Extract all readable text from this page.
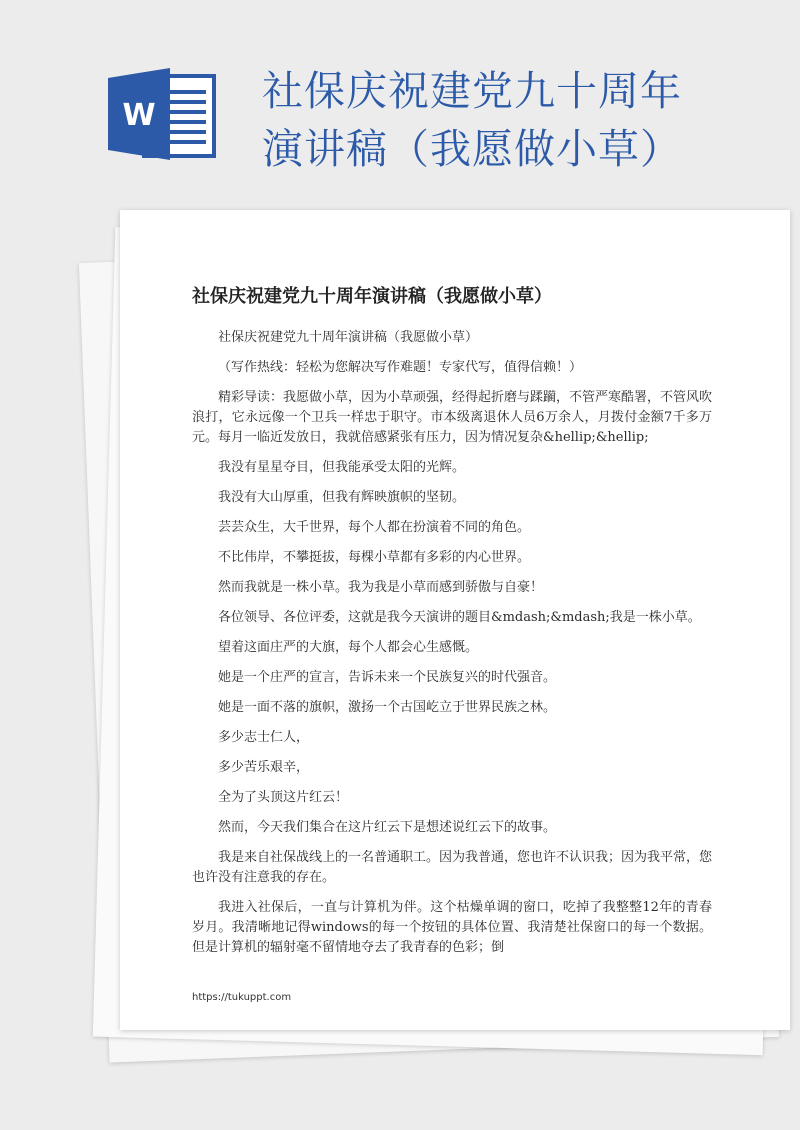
W
社保庆祝建党九十周年
演讲稿（我愿做小草）
社保庆祝建党九十周年演讲稿（我愿做小草）

社保庆祝建党九十周年演讲稿（我愿做小草）

（写作热线：轻松为您解决写作难题！专家代写，值得信赖！）

精彩导读：我愿做小草，因为小草顽强，经得起折磨与蹂躏，不管严寒酷署，不管风吹浪打，它永远像一个卫兵一样忠于职守。市本级离退休人员6万余人，月拨付金额7千多万元。每月一临近发放日，我就倍感紧张有压力，因为情况复杂&hellip;&hellip;

我没有星星夺目，但我能承受太阳的光辉。

我没有大山厚重，但我有辉映旗帜的坚韧。

芸芸众生，大千世界，每个人都在扮演着不同的角色。

不比伟岸，不攀挺拔，每棵小草都有多彩的内心世界。

然而我就是一株小草。我为我是小草而感到骄傲与自豪！

各位领导、各位评委，这就是我今天演讲的题目&mdash;&mdash;我是一株小草。

望着这面庄严的大旗，每个人都会心生感慨。

她是一个庄严的宣言，告诉未来一个民族复兴的时代强音。

她是一面不落的旗帜，激扬一个古国屹立于世界民族之林。

多少志士仁人，

多少苦乐艰辛，

全为了头顶这片红云！

然而，今天我们集合在这片红云下是想述说红云下的故事。

我是来自社保战线上的一名普通职工。因为我普通，您也许不认识我；因为我平常，您也许没有注意我的存在。

我进入社保后，一直与计算机为伴。这个枯燥单调的窗口，吃掉了我整整12年的青春岁月。我清晰地记得windows的每一个按钮的具体位置、我清楚社保窗口的每一个数据。但是计算机的辐射毫不留情地夺去了我青春的色彩；倒

https://tukuppt.com
